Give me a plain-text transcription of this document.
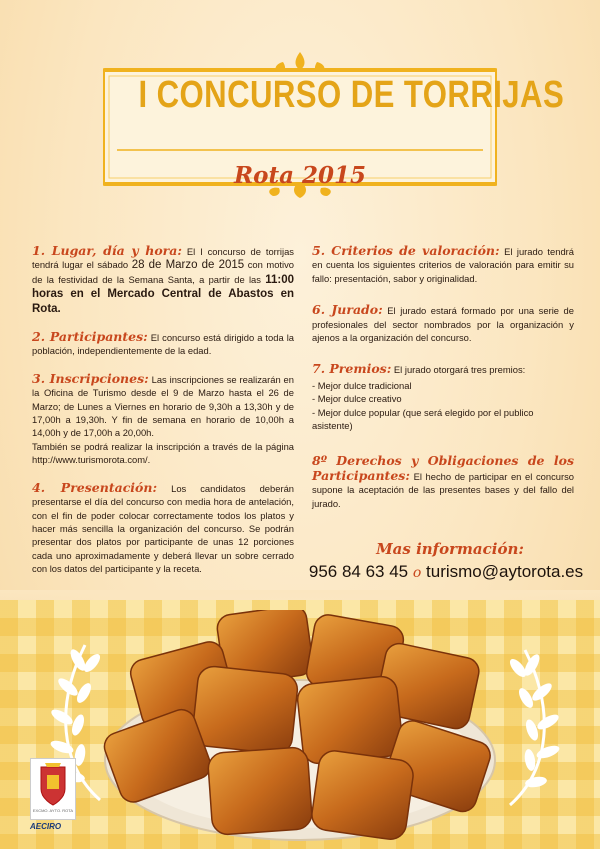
I CONCURSO DE TORRIJAS
Rota 2015

1. Lugar, día y hora: El I concurso de torrijas tendrá lugar el sábado 28 de Marzo de 2015 con motivo de la festividad de la Semana Santa, a partir de las 11:00 horas en el Mercado Central de Abastos en Rota.

2. Participantes: El concurso está dirigido a toda la población, independientemente de la edad.

3. Inscripciones: Las inscripciones se realizarán en la Oficina de Turismo desde el 9 de Marzo hasta el 26 de Marzo; de Lunes a Viernes en horario de 9,30h a 13,30h y de 17,00h a 19,30h. Y fin de semana en horario de 10,00h a 14,00h y de 17,00h a 20,00h.

También se podrá realizar la inscripción a través de la página http://www.turismorota.com/.

4. Presentación: Los candidatos deberán presentarse el día del concurso con media hora de antelación, con el fin de poder colocar correctamente todos los platos y hacer más sencilla la organización del concurso. Se podrán presentar dos platos por participante de unas 12 porciones cada uno aproximadamente y deberá llevar un sobre cerrado con los datos del participante y la receta.

5. Criterios de valoración: El jurado tendrá en cuenta los siguientes criterios de valoración para emitir su fallo: presentación, sabor y originalidad.

6. Jurado: El jurado estará formado por una serie de profesionales del sector nombrados por la organización y ajenos a la organización del concurso.

7. Premios: El jurado otorgará tres premios:

- Mejor dulce tradicional
- Mejor dulce creativo
- Mejor dulce popular (que será elegido por el publico asistente)

8º Derechos y Obligaciones de los Participantes: El hecho de participar en el concurso supone la aceptación de las presentes bases y del fallo del jurado.

Mas información:
956 84 63 45 o turismo@aytorota.es
EXCMO. AYTO. ROTA
AECIRO
